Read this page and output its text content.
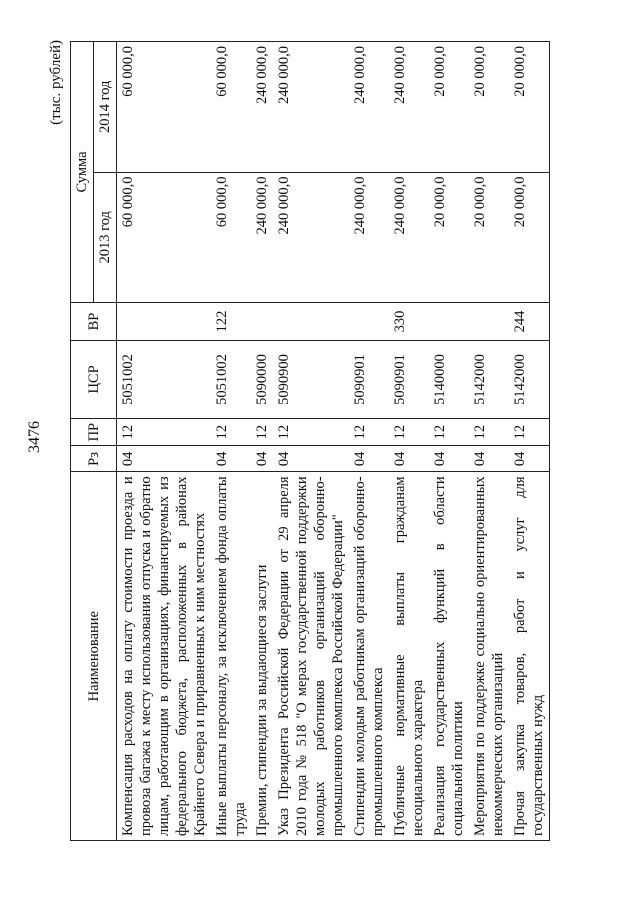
3476
(тыс. рублей)
Наименование	Рз	ПР	ЦСР	ВР	Сумма	
					2013 год	2014 год
Компенсация расходов на оплату стоимости проезда и провоза багажа к месту использования отпуска и обратно лицам, работающим в организациях, финансируемых из федерального бюджета, расположенных в районах Крайнего Севера и приравненных к ним местностях	04	12	5051002		60 000,0	60 000,0
Иные выплаты персоналу, за исключением фонда оплаты труда	04	12	5051002	122	60 000,0	60 000,0
Премии, стипендии за выдающиеся заслуги	04	12	5090000		240 000,0	240 000,0
Указ Президента Российской Федерации от 29 апреля 2010 года № 518 "О мерах государственной поддержки молодых работников организаций оборонно-промышленного комплекса Российской Федерации"	04	12	5090900		240 000,0	240 000,0
Стипендии молодым работникам организаций оборонно-промышленного комплекса	04	12	5090901		240 000,0	240 000,0
Публичные нормативные выплаты гражданам несоциального характера	04	12	5090901	330	240 000,0	240 000,0
Реализация государственных функций в области социальной политики	04	12	5140000		20 000,0	20 000,0
Мероприятия по поддержке социально ориентированных некоммерческих организаций	04	12	5142000		20 000,0	20 000,0
Прочая закупка товаров, работ и услуг для государственных нужд	04	12	5142000	244	20 000,0	20 000,0
